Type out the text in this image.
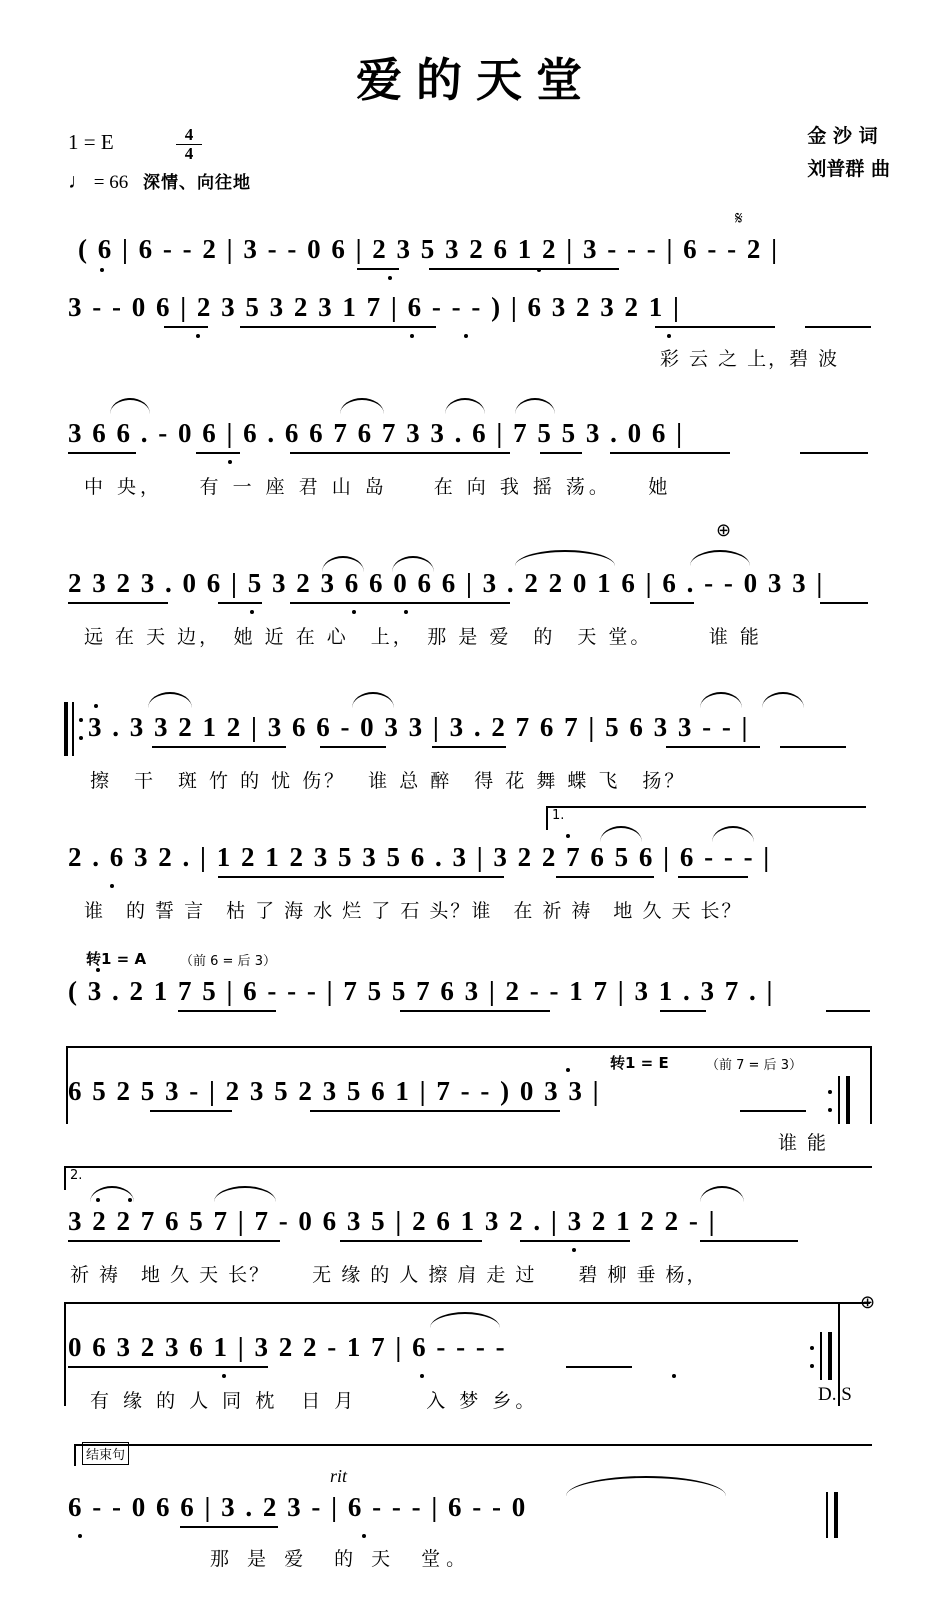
爱的天堂
1 = E	$\frac{4}{4}$
♩ = 66 深情、向往地
金 沙 词
刘普群 曲
𝄋
( 6 | 6 - - 2 | 3 - - 0 6 | 2 3 5 3 2 6 1 2 | 3 - - - | 6 - - 2 |
3 - - 0 6 | 2 3 5 3 2 3 1 7 | 6 - - - ) | 6 3 2 3 2 1 |
彩 云 之 上，碧 波
3 6 6 . - 0 6 | 6 . 6 6 7 6 7 3 3 . 6 | 7 5 5 3 . 0 6 |
中 央，　　有 一 座 君 山 岛　　在 向 我 摇 荡。　　她
⊕
2 3 2 3 . 0 6 | 5 3 2 3 6 6 0 6 6 | 3 . 2 2 0 1 6 | 6 . - - 0 3 3 |
远 在 天 边，　她 近 在 心　上，　那 是 爱　的　天 堂。　　　谁 能
3 . 3 3 2 1 2 | 3 6 6 - 0 3 3 | 3 . 2 7 6 7 | 5 6 3 3 - - |
擦　干　斑 竹 的 忧 伤？　谁 总 醉　得 花 舞 蝶 飞　扬？
1.
2 . 6 3 2 . | 1 2 1 2 3 5 3 5 6 . 3 | 3 2 2 7 6 5 6 | 6 - - - |
谁　的 誓 言　枯 了 海 水 烂 了 石 头？谁　在 祈 祷　地 久 天 长？
转1 = A	（前 6 = 后 3）
( 3 . 2 1 7 5 | 6 - - - | 7 5 5 7 6 3 | 2 - - 1 7 | 3 1 . 3 7 . |
转1 = E	（前 7 = 后 3）
6 5 2 5 3 - | 2 3 5 2 3 5 6 1 | 7 - - ) 0 3 3 |
谁 能
2.
3 2 2 7 6 5 7 | 7 - 0 6 3 5 | 2 6 1 3 2 . | 3 2 1 2 2 - |
祈 祷　地 久 天 长？　　无 缘 的 人 擦 肩 走 过　　碧 柳 垂 杨，
⊕
0 6 3 2 3 6 1 | 3 2 2 - 1 7 | 6 - - - -
有 缘 的 人 同 枕　日 月　　　入 梦 乡。	D. S
结束句
rit
6 - - 0 6 6 | 3 . 2 3 - | 6 - - - | 6 - - 0
那 是 爱　的 天　堂。
